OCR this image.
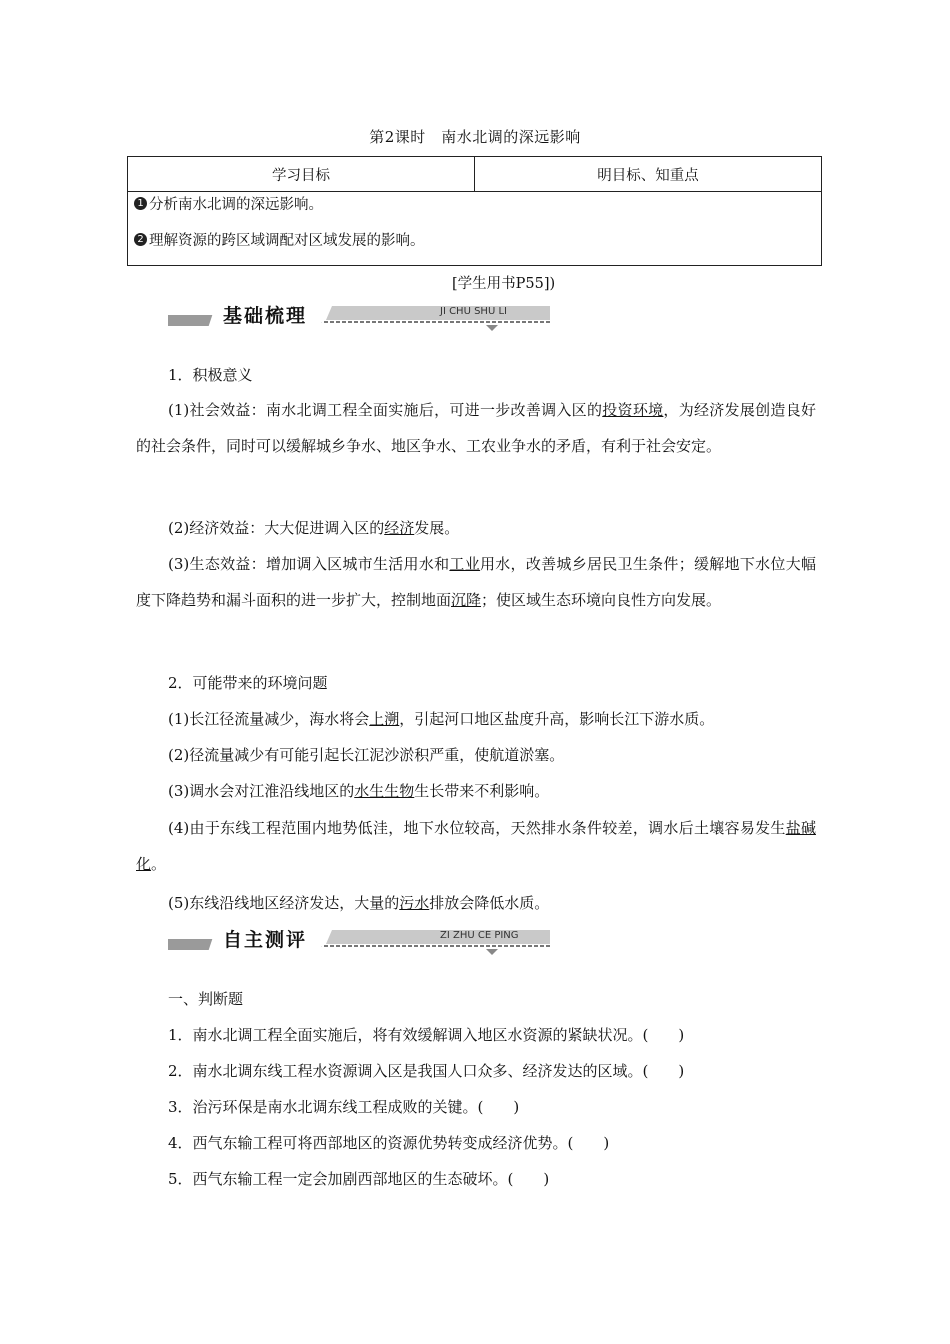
第2课时　南水北调的深远影响
学习目标	明目标、知重点
1 分析南水北调的深远影响。
2 理解资源的跨区域调配对区域发展的影响。
[学生用书P55])
基础梳理	JI CHU SHU LI
1．积极意义
(1)社会效益：南水北调工程全面实施后，可进一步改善调入区的投资环境，为经济发展创造良好的社会条件，同时可以缓解城乡争水、地区争水、工农业争水的矛盾，有利于社会安定。
(2)经济效益：大大促进调入区的经济发展。
(3)生态效益：增加调入区城市生活用水和工业用水，改善城乡居民卫生条件；缓解地下水位大幅度下降趋势和漏斗面积的进一步扩大，控制地面沉降；使区域生态环境向良性方向发展。
2．可能带来的环境问题
(1)长江径流量减少，海水将会上溯，引起河口地区盐度升高，影响长江下游水质。
(2)径流量减少有可能引起长江泥沙淤积严重，使航道淤塞。
(3)调水会对江淮沿线地区的水生生物生长带来不利影响。
(4)由于东线工程范围内地势低洼，地下水位较高，天然排水条件较差，调水后土壤容易发生盐碱化。
(5)东线沿线地区经济发达，大量的污水排放会降低水质。
自主测评	ZI ZHU CE PING
一、判断题
1．南水北调工程全面实施后，将有效缓解调入地区水资源的紧缺状况。(　　)
2．南水北调东线工程水资源调入区是我国人口众多、经济发达的区域。(　　)
3．治污环保是南水北调东线工程成败的关键。(　　)
4．西气东输工程可将西部地区的资源优势转变成经济优势。(　　)
5．西气东输工程一定会加剧西部地区的生态破坏。(　　)
